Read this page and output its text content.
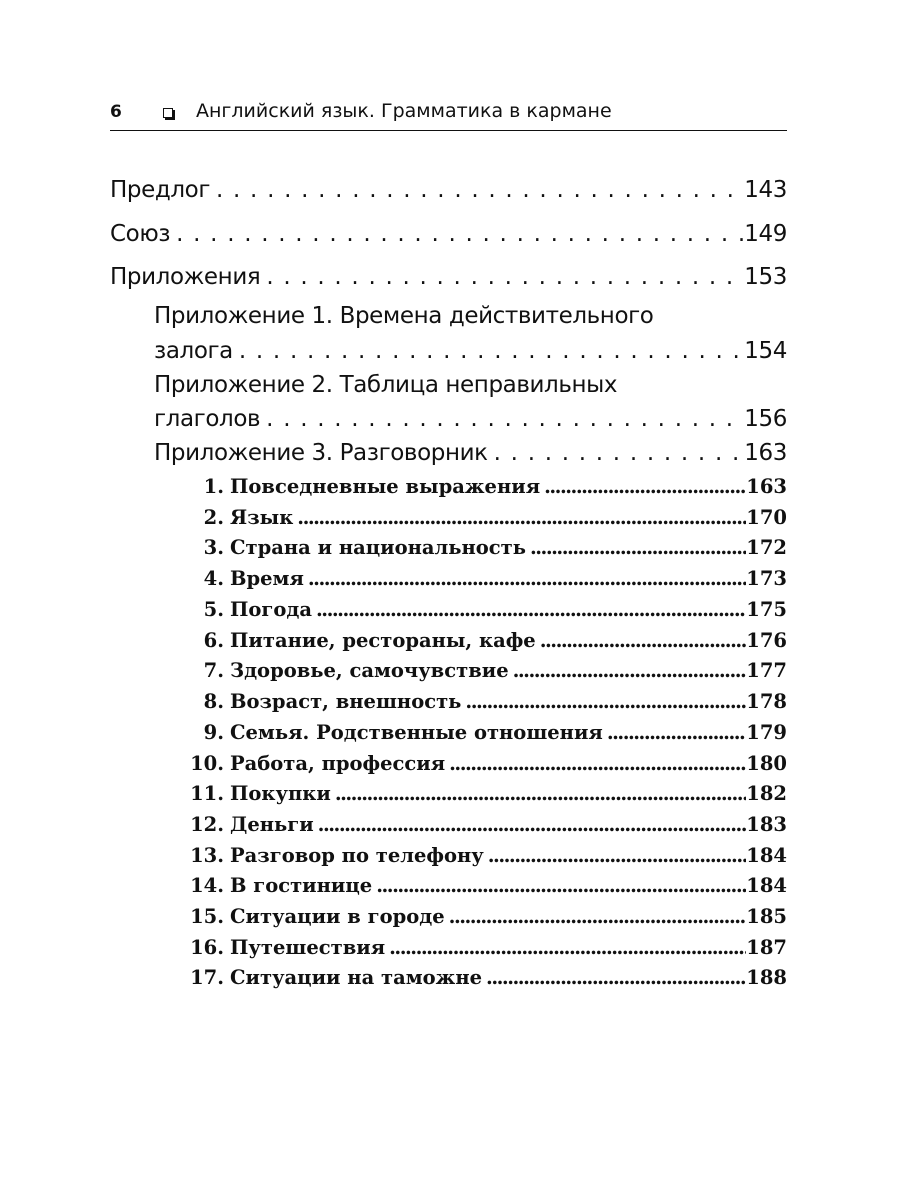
6	Английский язык. Грамматика в кармане
Предлог . . .	143
Союз . . .	149
Приложения . . .	153
Приложение 1. Времена действительного
залога . . .	154
Приложение 2. Таблица неправильных
глаголов . . .	156
Приложение 3. Разговорник . . .	163
1. Повседневные выражения .....	163
2. Язык .....	170
3. Страна и национальность .....	172
4. Время .....	173
5. Погода .....	175
6. Питание, рестораны, кафе .....	176
7. Здоровье, самочувствие .....	177
8. Возраст, внешность .....	178
9. Семья. Родственные отношения .....	179
10. Работа, профессия .....	180
11. Покупки .....	182
12. Деньги .....	183
13. Разговор по телефону .....	184
14. В гостинице .....	184
15. Ситуации в городе .....	185
16. Путешествия .....	187
17. Ситуации на таможне .....	188
